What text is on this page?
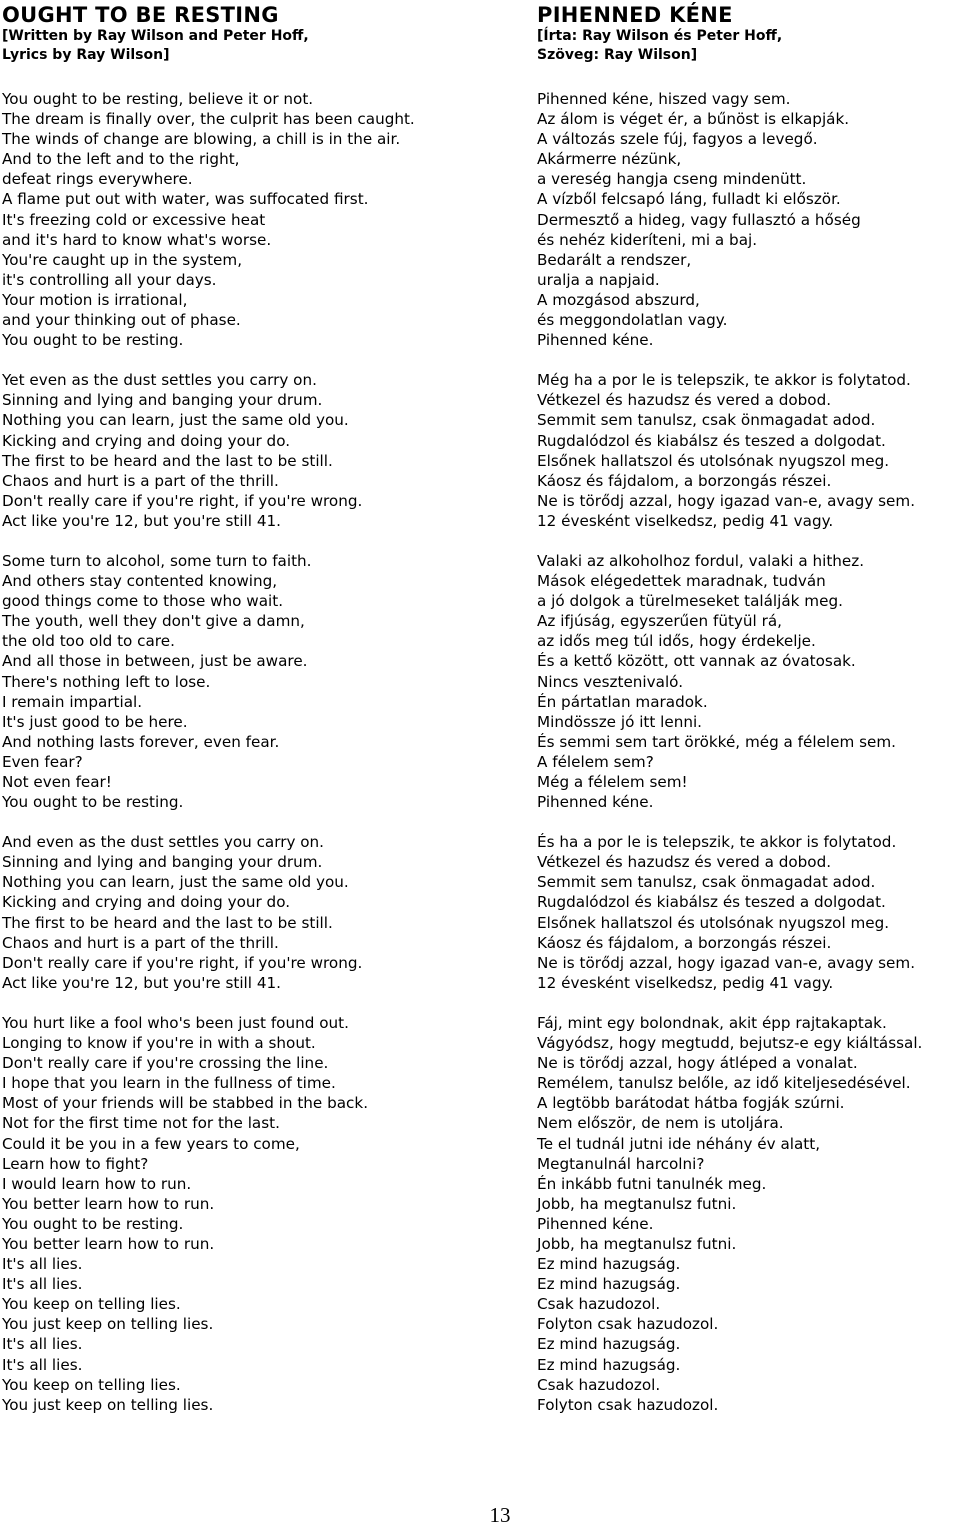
OUGHT TO BE RESTING

[Written by Ray Wilson and Peter Hoff,

Lyrics by Ray Wilson]

You ought to be resting, believe it or not.
The dream is finally over, the culprit has been caught.
The winds of change are blowing, a chill is in the air.
And to the left and to the right,
defeat rings everywhere.
A flame put out with water, was suffocated first.
It's freezing cold or excessive heat
and it's hard to know what's worse.
You're caught up in the system,
it's controlling all your days.
Your motion is irrational,
and your thinking out of phase.
You ought to be resting.
Yet even as the dust settles you carry on.
Sinning and lying and banging your drum.
Nothing you can learn, just the same old you.
Kicking and crying and doing your do.
The first to be heard and the last to be still.
Chaos and hurt is a part of the thrill.
Don't really care if you're right, if you're wrong.
Act like you're 12, but you're still 41.
Some turn to alcohol, some turn to faith.
And others stay contented knowing,
good things come to those who wait.
The youth, well they don't give a damn,
the old too old to care.
And all those in between, just be aware.
There's nothing left to lose.
I remain impartial.
It's just good to be here.
And nothing lasts forever, even fear.
Even fear?
Not even fear!
You ought to be resting.
And even as the dust settles you carry on.
Sinning and lying and banging your drum.
Nothing you can learn, just the same old you.
Kicking and crying and doing your do.
The first to be heard and the last to be still.
Chaos and hurt is a part of the thrill.
Don't really care if you're right, if you're wrong.
Act like you're 12, but you're still 41.
You hurt like a fool who's been just found out.
Longing to know if you're in with a shout.
Don't really care if you're crossing the line.
I hope that you learn in the fullness of time.
Most of your friends will be stabbed in the back.
Not for the first time not for the last.
Could it be you in a few years to come,
Learn how to fight?
I would learn how to run.
You better learn how to run.
You ought to be resting.
You better learn how to run.
It's all lies.
It's all lies.
You keep on telling lies.
You just keep on telling lies.
It's all lies.
It's all lies.
You keep on telling lies.
You just keep on telling lies.
PIHENNED KÉNE

[Írta: Ray Wilson és Peter Hoff,

Szöveg: Ray Wilson]

Pihenned kéne, hiszed vagy sem.
Az álom is véget ér, a bűnöst is elkapják.
A változás szele fúj, fagyos a levegő.
Akármerre nézünk,
a vereség hangja cseng mindenütt.
A vízből felcsapó láng, fulladt ki először.
Dermesztő a hideg, vagy fullasztó a hőség
és nehéz kideríteni, mi a baj.
Bedarált a rendszer,
uralja a napjaid.
A mozgásod abszurd,
és meggondolatlan vagy.
Pihenned kéne.
Még ha a por le is telepszik, te akkor is folytatod.
Vétkezel és hazudsz és vered a dobod.
Semmit sem tanulsz, csak önmagadat adod.
Rugdalódzol és kiabálsz és teszed a dolgodat.
Elsőnek hallatszol és utolsónak nyugszol meg.
Káosz és fájdalom, a borzongás részei.
Ne is törődj azzal, hogy igazad van-e, avagy sem.
12 évesként viselkedsz, pedig 41 vagy.
Valaki az alkoholhoz fordul, valaki a hithez.
Mások elégedettek maradnak, tudván
a jó dolgok a türelmeseket találják meg.
Az ifjúság, egyszerűen fütyül rá,
az idős meg túl idős, hogy érdekelje.
És a kettő között, ott vannak az óvatosak.
Nincs vesztenivaló.
Én pártatlan maradok.
Mindössze jó itt lenni.
És semmi sem tart örökké, még a félelem sem.
A félelem sem?
Még a félelem sem!
Pihenned kéne.
És ha a por le is telepszik, te akkor is folytatod.
Vétkezel és hazudsz és vered a dobod.
Semmit sem tanulsz, csak önmagadat adod.
Rugdalódzol és kiabálsz és teszed a dolgodat.
Elsőnek hallatszol és utolsónak nyugszol meg.
Káosz és fájdalom, a borzongás részei.
Ne is törődj azzal, hogy igazad van-e, avagy sem.
12 évesként viselkedsz, pedig 41 vagy.
Fáj, mint egy bolondnak, akit épp rajtakaptak.
Vágyódsz, hogy megtudd, bejutsz-e egy kiáltással.
Ne is törődj azzal, hogy átléped a vonalat.
Remélem, tanulsz belőle, az idő kiteljesedésével.
A legtöbb barátodat hátba fogják szúrni.
Nem először, de nem is utoljára.
Te el tudnál jutni ide néhány év alatt,
Megtanulnál harcolni?
Én inkább futni tanulnék meg.
Jobb, ha megtanulsz futni.
Pihenned kéne.
Jobb, ha megtanulsz futni.
Ez mind hazugság.
Ez mind hazugság.
Csak hazudozol.
Folyton csak hazudozol.
Ez mind hazugság.
Ez mind hazugság.
Csak hazudozol.
Folyton csak hazudozol.
13
